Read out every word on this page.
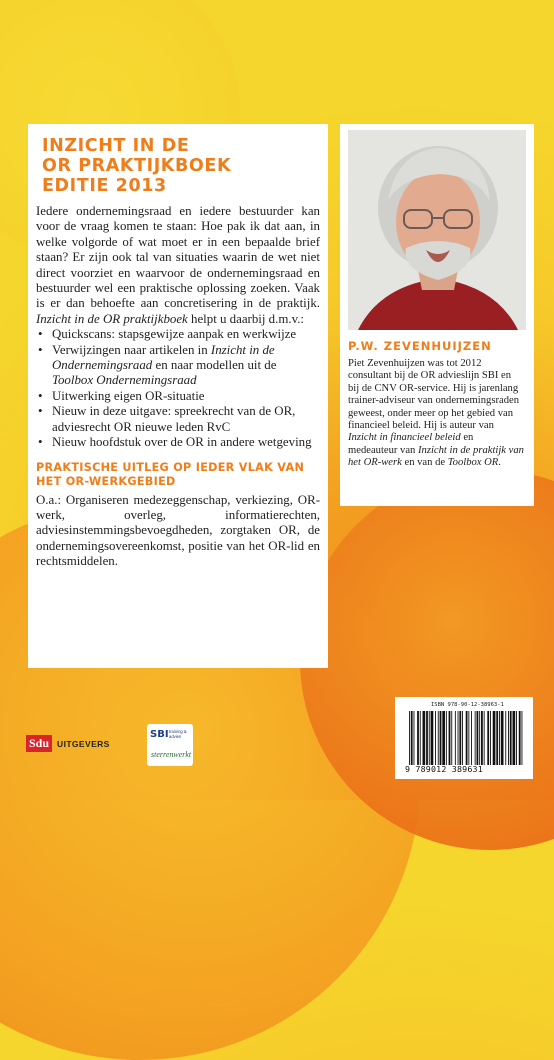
INZICHT IN DE
OR PRAKTIJKBOEK
EDITIE 2013

Iedere ondernemingsraad en iedere bestuurder kan voor de vraag komen te staan: Hoe pak ik dat aan, in welke volgorde of wat moet er in een bepaalde brief staan? Er zijn ook tal van situaties waarin de wet niet direct voorziet en waarvoor de ondernemingsraad en bestuurder wel een praktische oplossing zoeken. Vaak is er dan behoefte aan concretisering in de praktijk. Inzicht in de OR praktijkboek helpt u daarbij d.m.v.:

• Quickscans: stapsgewijze aanpak en werkwijze
• Verwijzingen naar artikelen in Inzicht in de Ondernemingsraad en naar modellen uit de Toolbox Ondernemingsraad
• Uitwerking eigen OR-situatie
• Nieuw in deze uitgave: spreekrecht van de OR, adviesrecht OR nieuwe leden RvC
• Nieuw hoofdstuk over de OR in andere wetgeving
PRAKTISCHE UITLEG OP IEDER VLAK VAN
HET OR-WERKGEBIED

O.a.: Organiseren medezeggenschap, verkiezing, OR-werk, overleg, informatierechten, adviesinstemmingsbevoegdheden, zorgtaken OR, de ondernemingsovereenkomst, positie van het OR-lid en rechtsmiddelen.

P.W. ZEVENHUIJZEN
Piet Zevenhuijzen was tot 2012 consultant bij de OR advieslijn SBI en bij de CNV OR-service. Hij is jarenlang trainer-adviseur van ondernemingsraden geweest, onder meer op het gebied van financieel beleid. Hij is auteur van Inzicht in financieel beleid en medeauteur van Inzicht in de praktijk van het OR-werk en van de Toolbox OR.
ISBN 978-90-12-38963-1
9 789012 389631
Sdu UITGEVERS
SBI training & advies
sterrenwerkt
